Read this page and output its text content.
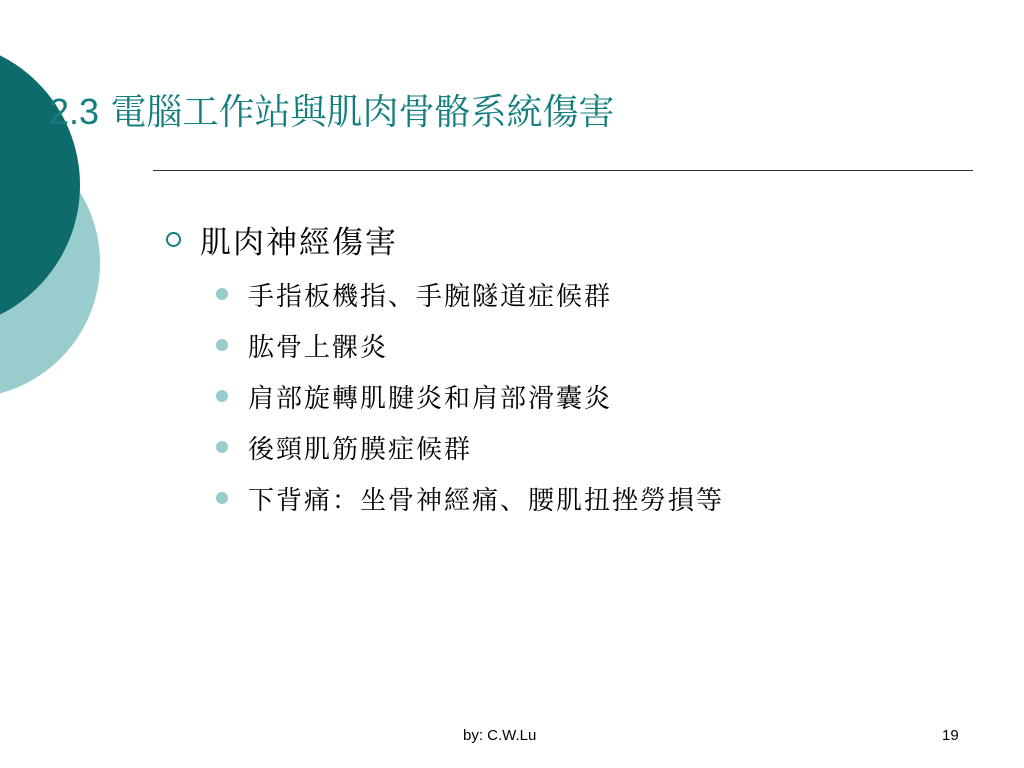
2.3 電腦工作站與肌肉骨骼系統傷害
肌肉神經傷害
手指板機指、手腕隧道症候群
肱骨上髁炎
肩部旋轉肌腱炎和肩部滑囊炎
後頸肌筋膜症候群
下背痛：坐骨神經痛、腰肌扭挫勞損等
by: C.W.Lu	19
